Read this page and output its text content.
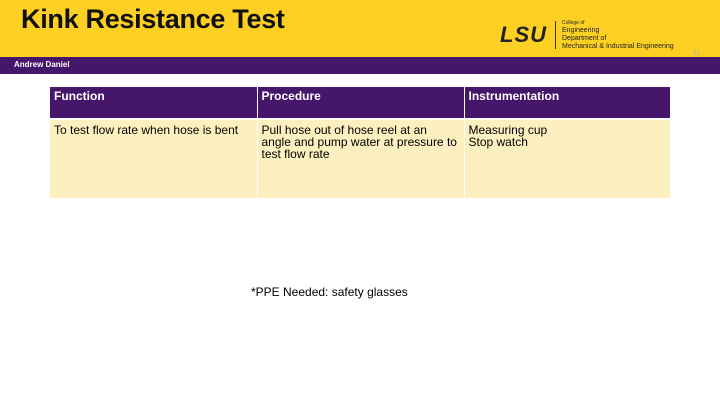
Kink Resistance Test
LSU	College of
Engineering
Department of
Mechanical & Industrial Engineering
Andrew Daniel
21
Function	Procedure	Instrumentation
To test flow rate when hose is bent	Pull hose out of hose reel at an angle and pump water at pressure to test flow rate	Measuring cup
Stop watch
*PPE Needed: safety glasses
